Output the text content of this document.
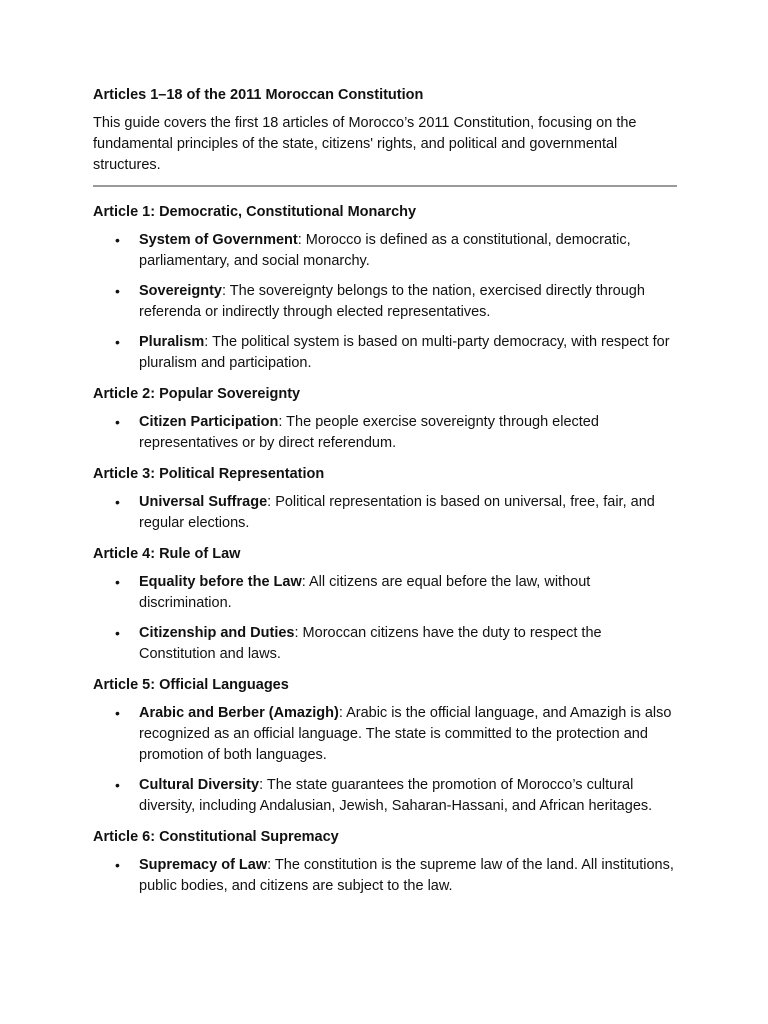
Articles 1–18 of the 2011 Moroccan Constitution

This guide covers the first 18 articles of Morocco’s 2011 Constitution, focusing on the fundamental principles of the state, citizens' rights, and political and governmental structures.

Article 1: Democratic, Constitutional Monarchy
• System of Government: Morocco is defined as a constitutional, democratic, parliamentary, and social monarchy.
• Sovereignty: The sovereignty belongs to the nation, exercised directly through referenda or indirectly through elected representatives.
• Pluralism: The political system is based on multi-party democracy, with respect for pluralism and participation.
Article 2: Popular Sovereignty
• Citizen Participation: The people exercise sovereignty through elected representatives or by direct referendum.
Article 3: Political Representation
• Universal Suffrage: Political representation is based on universal, free, fair, and regular elections.
Article 4: Rule of Law
• Equality before the Law: All citizens are equal before the law, without discrimination.
• Citizenship and Duties: Moroccan citizens have the duty to respect the Constitution and laws.
Article 5: Official Languages
• Arabic and Berber (Amazigh): Arabic is the official language, and Amazigh is also recognized as an official language. The state is committed to the protection and promotion of both languages.
• Cultural Diversity: The state guarantees the promotion of Morocco’s cultural diversity, including Andalusian, Jewish, Saharan-Hassani, and African heritages.
Article 6: Constitutional Supremacy
• Supremacy of Law: The constitution is the supreme law of the land. All institutions, public bodies, and citizens are subject to the law.
